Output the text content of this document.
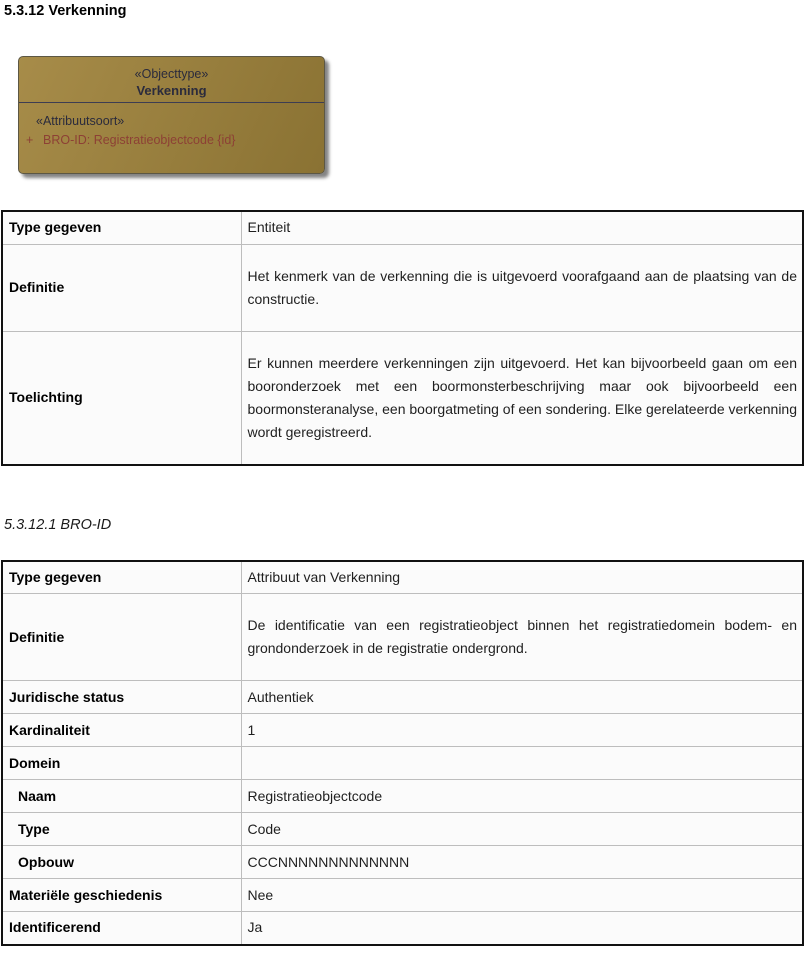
5.3.12 Verkenning
«Objecttype»
Verkenning
«Attribuutsoort»
+ BRO-ID: Registratieobjectcode {id}
Type gegeven	Entiteit
Definitie	Het kenmerk van de verkenning die is uitgevoerd voorafgaand aan de plaatsing van de constructie.
Toelichting	Er kunnen meerdere verkenningen zijn uitgevoerd. Het kan bijvoorbeeld gaan om een booronderzoek met een boormonsterbeschrijving maar ook bijvoorbeeld een boormonsteranalyse, een boorgatmeting of een sondering. Elke gerelateerde verkenning wordt geregistreerd.
5.3.12.1 BRO-ID
Type gegeven	Attribuut van Verkenning
Definitie	De identificatie van een registratieobject binnen het registratiedomein bodem- en grondonderzoek in de registratie ondergrond.
Juridische status	Authentiek
Kardinaliteit	1
Domein	
Naam	Registratieobjectcode
Type	Code
Opbouw	CCCNNNNNNNNNNNNN
Materiële geschiedenis	Nee
Identificerend	Ja
